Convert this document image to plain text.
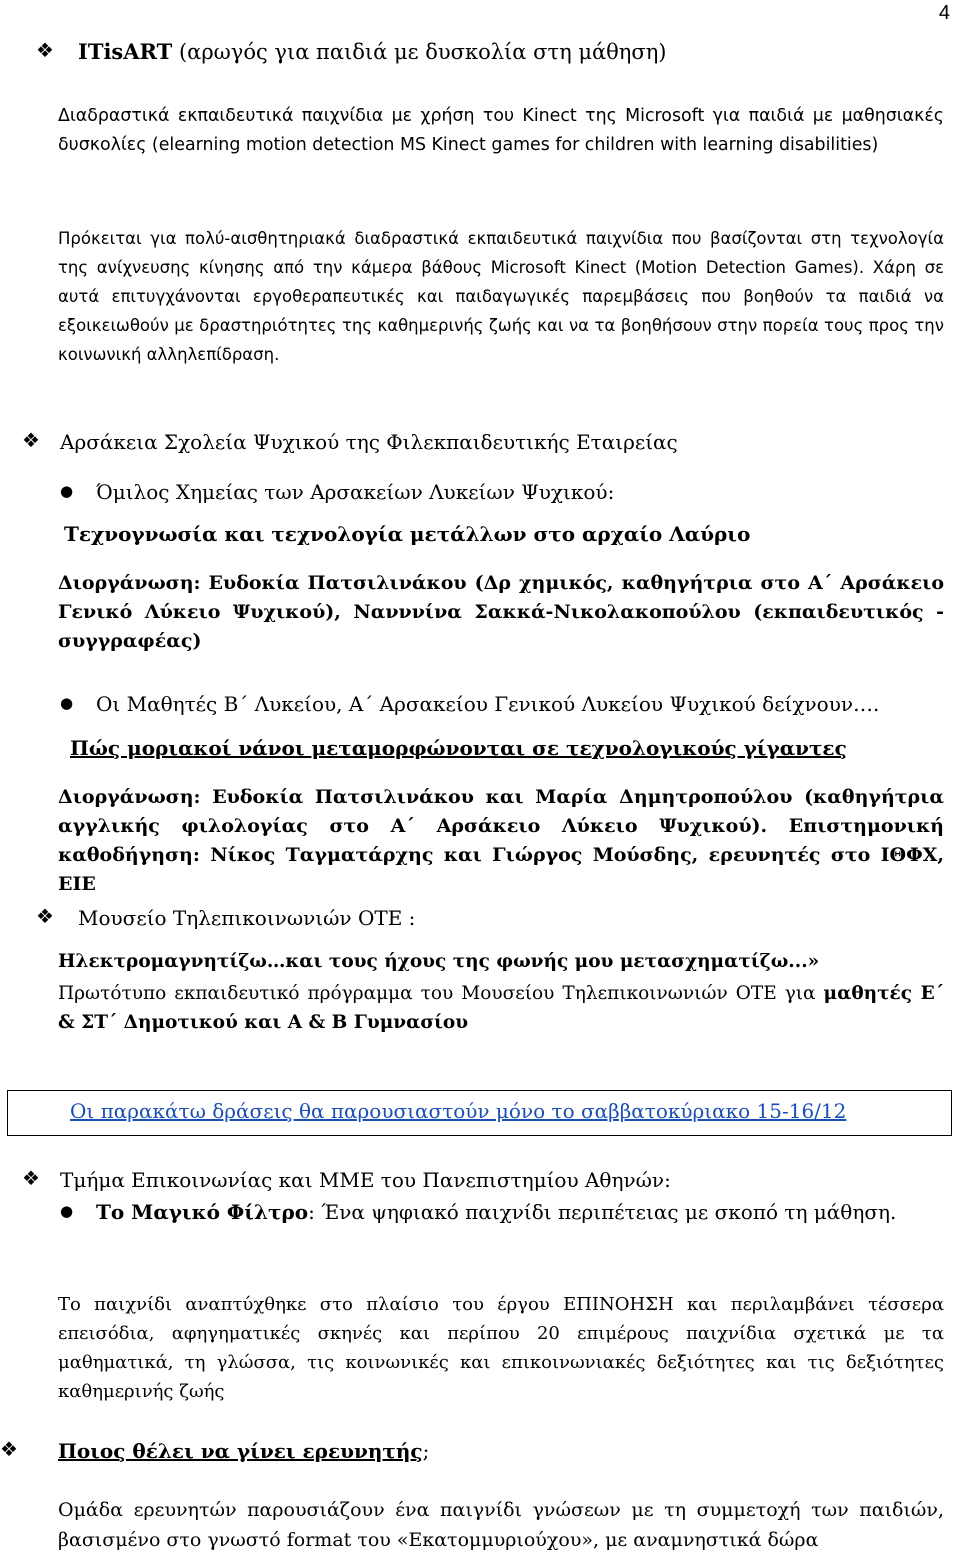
4
❖ ITisART (αρωγός για παιδιά με δυσκολία στη μάθηση)
Διαδραστικά εκπαιδευτικά παιχνίδια με χρήση του Kinect της Microsoft για παιδιά με μαθησιακές δυσκολίες (elearning motion detection MS Kinect games for children with learning disabilities)
Πρόκειται για πολύ-αισθητηριακά διαδραστικά εκπαιδευτικά παιχνίδια που βασίζονται στη τεχνολογία της ανίχνευσης κίνησης από την κάμερα βάθους Microsoft Kinect (Motion Detection Games). Χάρη σε αυτά επιτυγχάνονται εργοθεραπευτικές και παιδαγωγικές παρεμβάσεις που βοηθούν τα παιδιά να εξοικειωθούν με δραστηριότητες της καθημερινής ζωής και να τα βοηθήσουν στην πορεία τους προς την κοινωνική αλληλεπίδραση.
❖ Αρσάκεια Σχολεία Ψυχικού της Φιλεκπαιδευτικής Εταιρείας
● Όμιλος Χημείας των Αρσακείων Λυκείων Ψυχικού:
Τεχνογνωσία και τεχνολογία μετάλλων στο αρχαίο Λαύριο
Διοργάνωση: Ευδοκία Πατσιλινάκου (Δρ χημικός, καθηγήτρια στο Α΄ Αρσάκειο Γενικό Λύκειο Ψυχικού), Νανννίνα Σακκά-Νικολακοπούλου (εκπαιδευτικός - συγγραφέας)
● Οι Μαθητές Β΄ Λυκείου, Α΄ Αρσακείου Γενικού Λυκείου Ψυχικού δείχνουν….
Πώς μοριακοί νάνοι μεταμορφώνονται σε τεχνολογικούς γίγαντες
Διοργάνωση: Ευδοκία Πατσιλινάκου και Μαρία Δημητροπούλου (καθηγήτρια αγγλικής φιλολογίας στο Α΄ Αρσάκειο Λύκειο Ψυχικού). Επιστημονική καθοδήγηση: Νίκος Ταγματάρχης και Γιώργος Μούσδης, ερευνητές στο ΙΘΦΧ, ΕΙΕ
❖ Μουσείο Τηλεπικοινωνιών ΟΤΕ :
Ηλεκτρομαγνητίζω…και τους ήχους της φωνής μου μετασχηματίζω...»
Πρωτότυπο εκπαιδευτικό πρόγραμμα του Μουσείου Τηλεπικοινωνιών ΟΤΕ για μαθητές Ε΄ & ΣΤ΄ Δημοτικού και Α & Β Γυμνασίου
Οι παρακάτω δράσεις θα παρουσιαστούν μόνο το σαββατοκύριακο 15-16/12
❖ Τμήμα Επικοινωνίας και ΜΜΕ του Πανεπιστημίου Αθηνών:
● Το Μαγικό Φίλτρο: Ένα ψηφιακό παιχνίδι περιπέτειας με σκοπό τη μάθηση.
Το παιχνίδι αναπτύχθηκε στο πλαίσιο του έργου ΕΠΙΝΟΗΣΗ και περιλαμβάνει τέσσερα επεισόδια, αφηγηματικές σκηνές και περίπου 20 επιμέρους παιχνίδια σχετικά με τα μαθηματικά, τη γλώσσα, τις κοινωνικές και επικοινωνιακές δεξιότητες και τις δεξιότητες καθημερινής ζωής
❖ Ποιος θέλει να γίνει ερευνητής;
Ομάδα ερευνητών παρουσιάζουν ένα παιγνίδι γνώσεων με τη συμμετοχή των παιδιών, βασισμένο στο γνωστό format του «Εκατομμυριούχου», με αναμνηστικά δώρα
